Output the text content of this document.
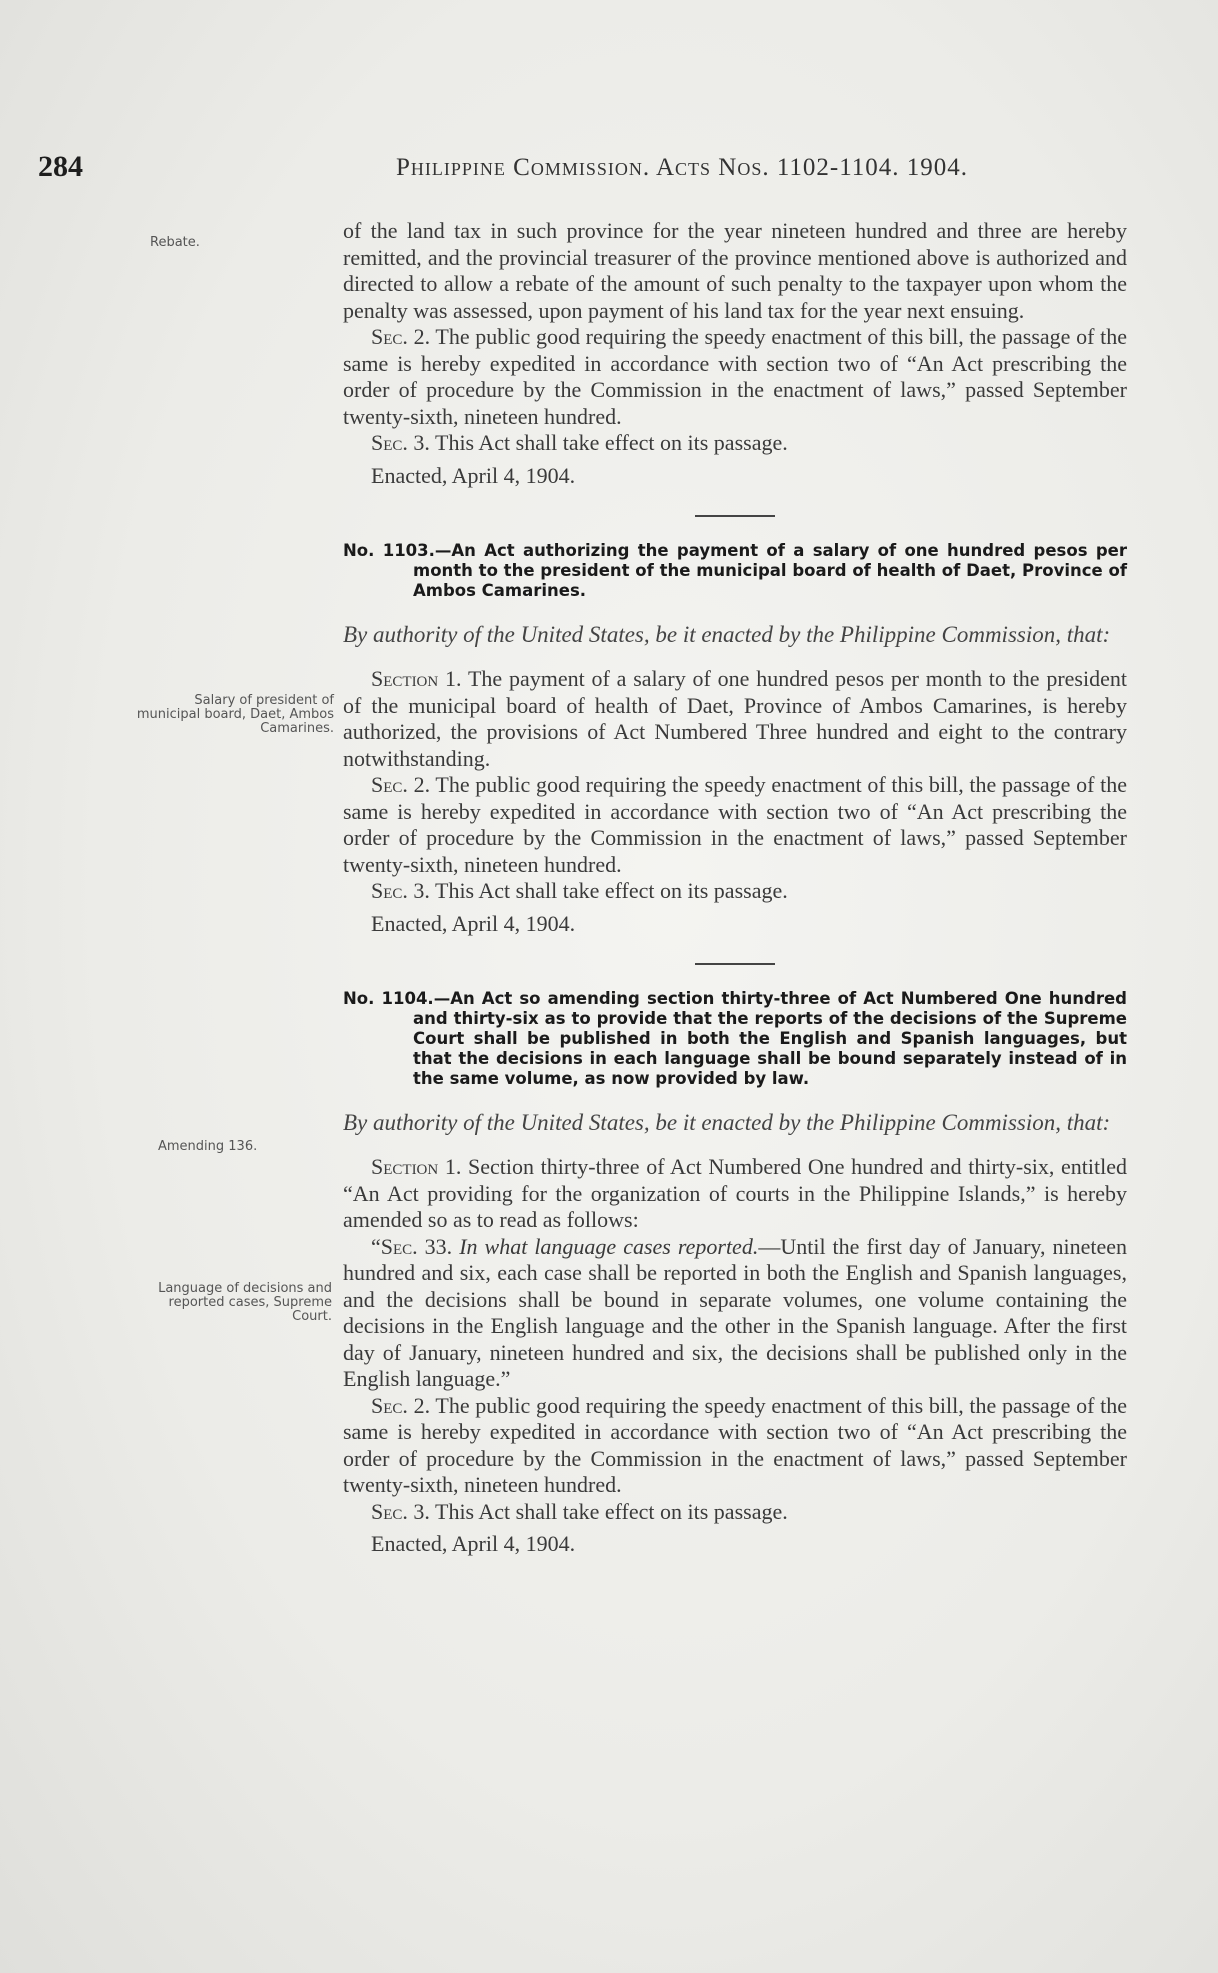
284	Philippine Commission. Acts Nos. 1102-1104. 1904.
Rebate.
Salary of president of municipal board, Daet, Ambos Camarines.
Amending 136.
Language of decisions and reported cases, Supreme Court.

of the land tax in such province for the year nineteen hundred and three are hereby remitted, and the provincial treasurer of the province mentioned above is authorized and directed to allow a rebate of the amount of such penalty to the taxpayer upon whom the penalty was assessed, upon payment of his land tax for the year next ensuing.

Sec. 2. The public good requiring the speedy enactment of this bill, the passage of the same is hereby expedited in accordance with section two of “An Act prescribing the order of procedure by the Commission in the enactment of laws,” passed September twenty-sixth, nineteen hundred.

Sec. 3. This Act shall take effect on its passage.

Enacted, April 4, 1904.

No. 1103.—An Act authorizing the payment of a salary of one hundred pesos per month to the president of the municipal board of health of Daet, Province of Ambos Camarines.

By authority of the United States, be it enacted by the Philippine Commission, that:

Section 1. The payment of a salary of one hundred pesos per month to the president of the municipal board of health of Daet, Province of Ambos Camarines, is hereby authorized, the provisions of Act Numbered Three hundred and eight to the contrary notwithstanding.

Sec. 2. The public good requiring the speedy enactment of this bill, the passage of the same is hereby expedited in accordance with section two of “An Act prescribing the order of procedure by the Commission in the enactment of laws,” passed September twenty-sixth, nineteen hundred.

Sec. 3. This Act shall take effect on its passage.

Enacted, April 4, 1904.

No. 1104.—An Act so amending section thirty-three of Act Numbered One hundred and thirty-six as to provide that the reports of the decisions of the Supreme Court shall be published in both the English and Spanish languages, but that the decisions in each language shall be bound separately instead of in the same volume, as now provided by law.

By authority of the United States, be it enacted by the Philippine Commission, that:

Section 1. Section thirty-three of Act Numbered One hundred and thirty-six, entitled “An Act providing for the organization of courts in the Philippine Islands,” is hereby amended so as to read as follows:

“Sec. 33. In what language cases reported.—Until the first day of January, nineteen hundred and six, each case shall be reported in both the English and Spanish languages, and the decisions shall be bound in separate volumes, one volume containing the decisions in the English language and the other in the Spanish language. After the first day of January, nineteen hundred and six, the decisions shall be published only in the English language.”

Sec. 2. The public good requiring the speedy enactment of this bill, the passage of the same is hereby expedited in accordance with section two of “An Act prescribing the order of procedure by the Commission in the enactment of laws,” passed September twenty-sixth, nineteen hundred.

Sec. 3. This Act shall take effect on its passage.

Enacted, April 4, 1904.
